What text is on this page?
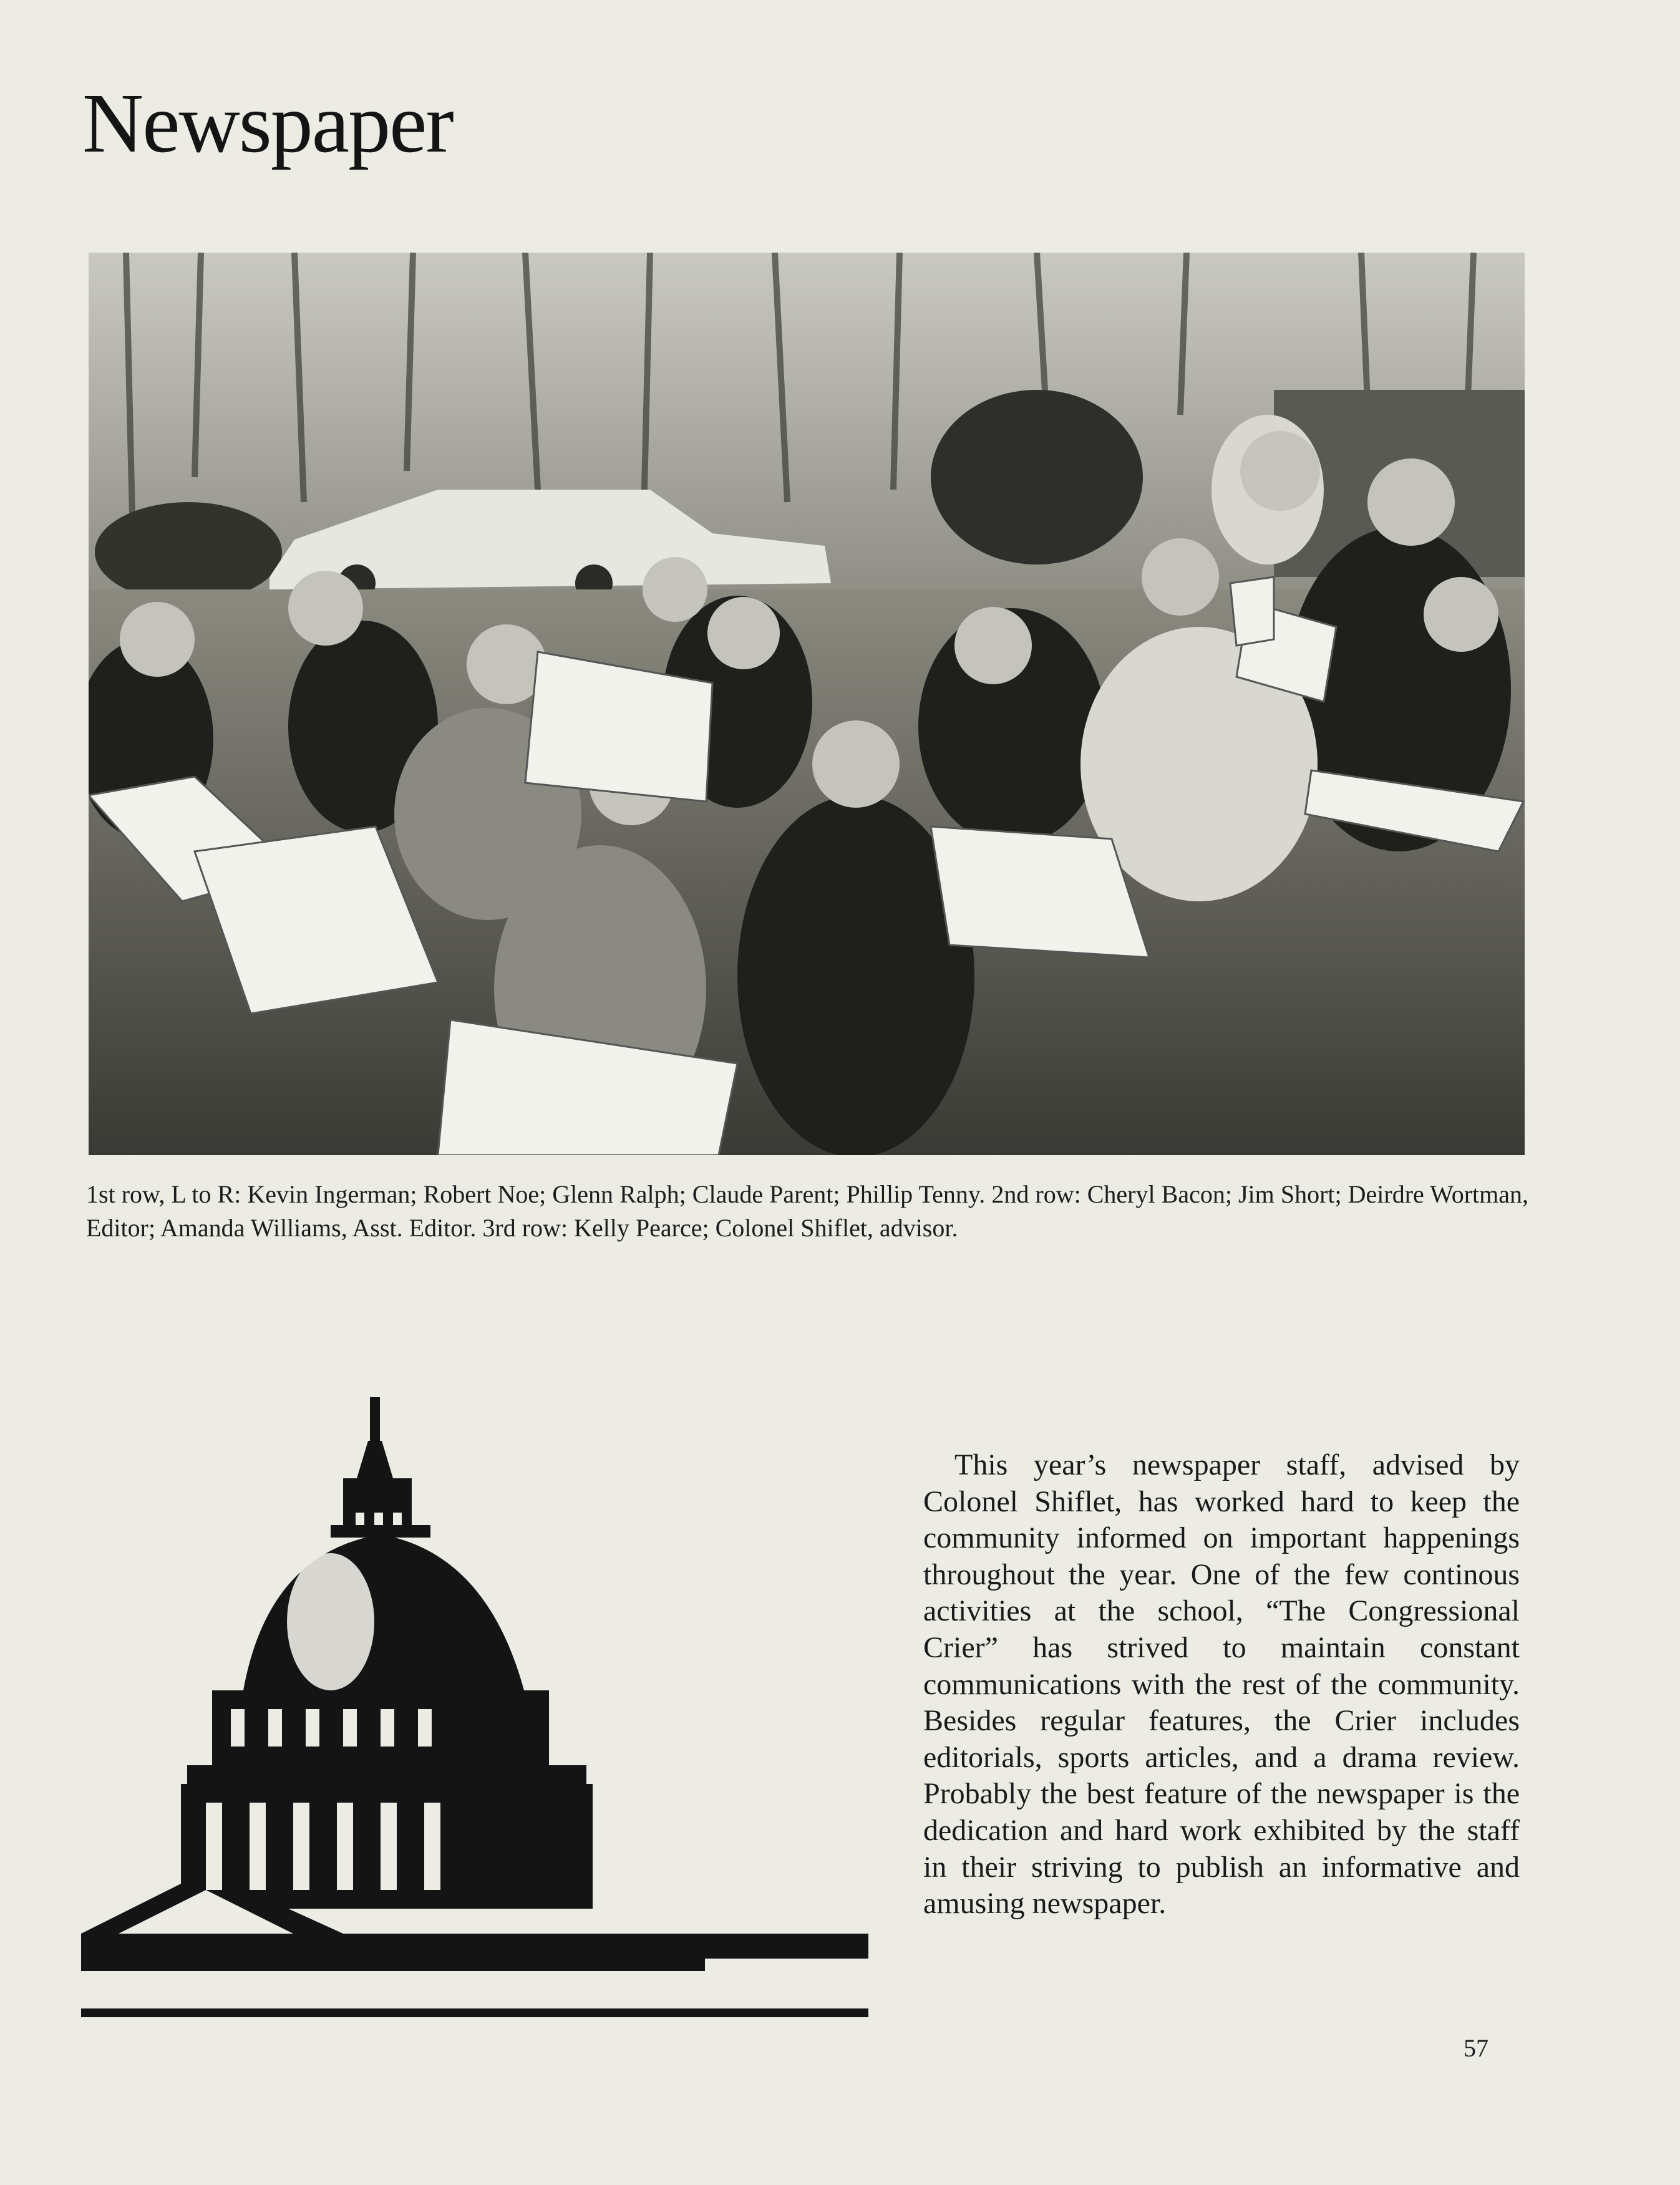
Newspaper
1st row, L to R: Kevin Ingerman; Robert Noe; Glenn Ralph; Claude Parent; Phillip Tenny. 2nd row: Cheryl Bacon; Jim Short; Deirdre Wortman, Editor; Amanda Williams, Asst. Editor. 3rd row: Kelly Pearce; Colonel Shiflet, advisor.
This year’s newspaper staff, advised by Colonel Shiflet, has worked hard to keep the community informed on important happenings throughout the year. One of the few continous activities at the school, “The Congressional Crier” has strived to maintain constant communications with the rest of the community. Besides regular features, the Crier includes editorials, sports articles, and a drama review. Probably the best feature of the newspaper is the dedication and hard work exhibited by the staff in their striving to publish an informative and amusing newspaper.
57
